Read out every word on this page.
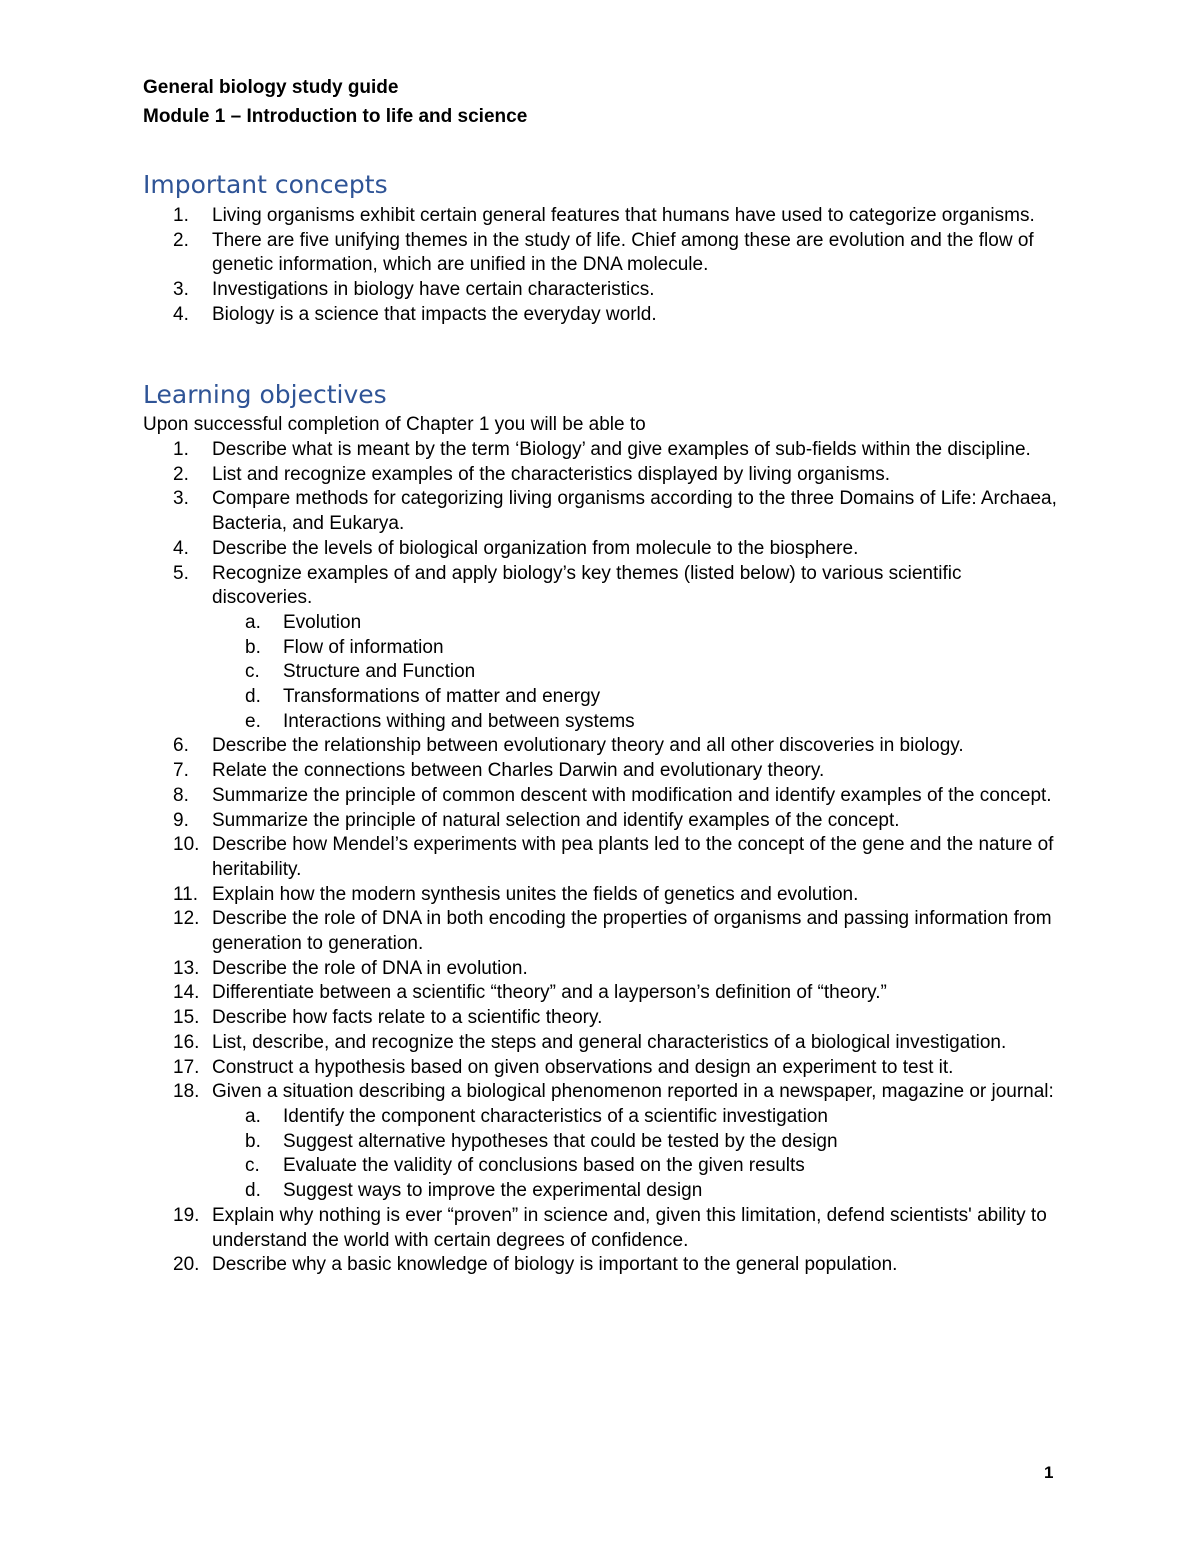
General biology study guide
Module 1 – Introduction to life and science
Important concepts
1. Living organisms exhibit certain general features that humans have used to categorize organisms.
2. There are five unifying themes in the study of life. Chief among these are evolution and the flow of genetic information, which are unified in the DNA molecule.
3. Investigations in biology have certain characteristics.
4. Biology is a science that impacts the everyday world.
Learning objectives
Upon successful completion of Chapter 1 you will be able to
1. Describe what is meant by the term ‘Biology’ and give examples of sub-fields within the discipline.
2. List and recognize examples of the characteristics displayed by living organisms.
3. Compare methods for categorizing living organisms according to the three Domains of Life: Archaea, Bacteria, and Eukarya.
4. Describe the levels of biological organization from molecule to the biosphere.
5. Recognize examples of and apply biology’s key themes (listed below) to various scientific discoveries.
a. Evolution
b. Flow of information
c. Structure and Function
d. Transformations of matter and energy
e. Interactions withing and between systems
6. Describe the relationship between evolutionary theory and all other discoveries in biology.
7. Relate the connections between Charles Darwin and evolutionary theory.
8. Summarize the principle of common descent with modification and identify examples of the concept.
9. Summarize the principle of natural selection and identify examples of the concept.
10. Describe how Mendel’s experiments with pea plants led to the concept of the gene and the nature of heritability.
11. Explain how the modern synthesis unites the fields of genetics and evolution.
12. Describe the role of DNA in both encoding the properties of organisms and passing information from generation to generation.
13. Describe the role of DNA in evolution.
14. Differentiate between a scientific “theory” and a layperson’s definition of “theory.”
15. Describe how facts relate to a scientific theory.
16. List, describe, and recognize the steps and general characteristics of a biological investigation.
17. Construct a hypothesis based on given observations and design an experiment to test it.
18. Given a situation describing a biological phenomenon reported in a newspaper, magazine or journal:
a. Identify the component characteristics of a scientific investigation
b. Suggest alternative hypotheses that could be tested by the design
c. Evaluate the validity of conclusions based on the given results
d. Suggest ways to improve the experimental design
19. Explain why nothing is ever “proven” in science and, given this limitation, defend scientists' ability to understand the world with certain degrees of confidence.
20. Describe why a basic knowledge of biology is important to the general population.
1
